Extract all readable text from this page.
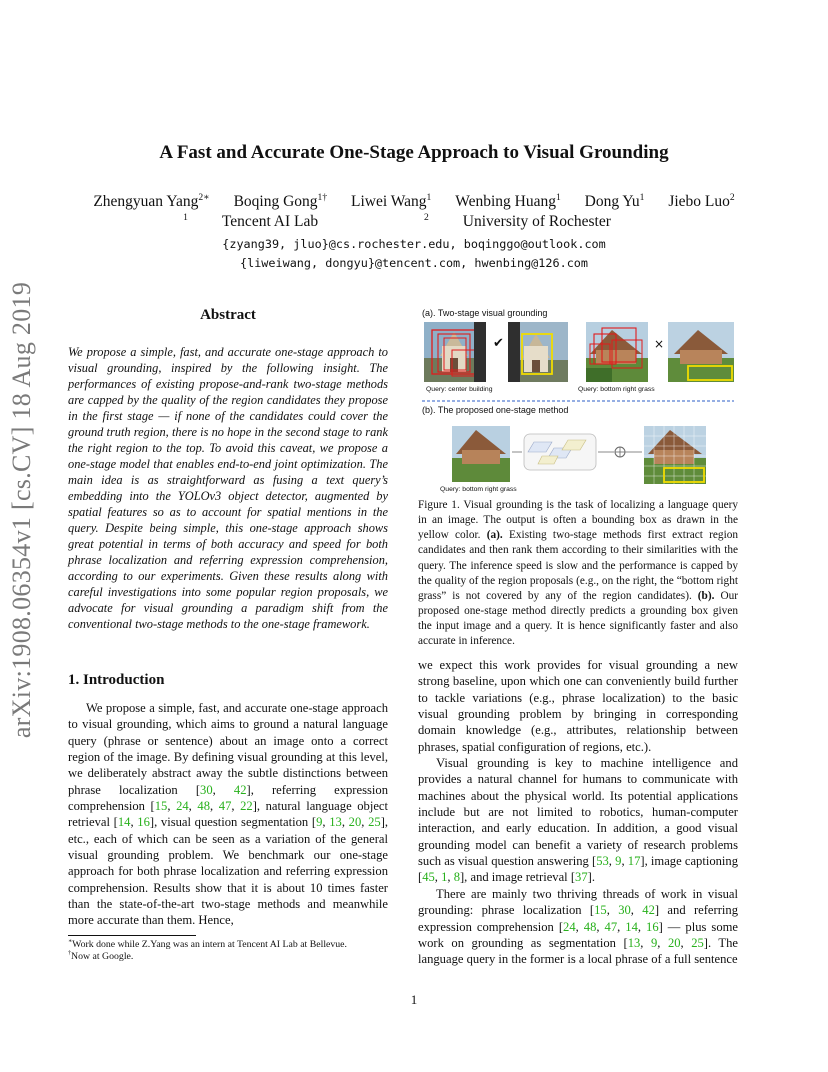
A Fast and Accurate One-Stage Approach to Visual Grounding
Zhengyuan Yang$^{2∗}$ Boqing Gong$^{1\dagger}$ Liwei Wang$^1$ Wenbing Huang$^1$ Dong Yu$^1$ Jiebo Luo$^2$
$^1$ Tencent AI Lab	$^2$ University of Rochester
{zyang39, jluo}@cs.rochester.edu, boqinggo@outlook.com
{liweiwang, dongyu}@tencent.com, hwenbing@126.com
arXiv:1908.06354v1 [cs.CV] 18 Aug 2019	Abstract
We propose a simple, fast, and accurate one-stage approach to visual grounding, inspired by the following insight. The performances of existing propose-and-rank two-stage methods are capped by the quality of the region candidates they propose in the first stage — if none of the candidates could cover the ground truth region, there is no hope in the second stage to rank the right region to the top. To avoid this caveat, we propose a one-stage model that enables end-to-end joint optimization. The main idea is as straightforward as fusing a text query’s embedding into the YOLOv3 object detector, augmented by spatial features so as to account for spatial mentions in the query. Despite being simple, this one-stage approach shows great potential in terms of both accuracy and speed for both phrase localization and referring expression comprehension, according to our experiments. Given these results along with careful investigations into some popular region proposals, we advocate for visual grounding a paradigm shift from the conventional two-stage methods to the one-stage framework.
1. Introduction

We propose a simple, fast, and accurate one-stage approach to visual grounding, which aims to ground a natural language query (phrase or sentence) about an image onto a correct region of the image. By defining visual grounding at this level, we deliberately abstract away the subtle distinctions between phrase localization [30, 42], referring expression comprehension [15, 24, 48, 47, 22], natural language object retrieval [14, 16], visual question segmentation [9, 13, 20, 25], etc., each of which can be seen as a variation of the general visual grounding problem. We benchmark our one-stage approach for both phrase localization and referring expression comprehension. Results show that it is about 10 times faster than the state-of-the-art two-stage methods and meanwhile more accurate than them. Hence,

∗Work done while Z.Yang was an intern at Tencent AI Lab at Bellevue.
†Now at Google.
(a). Two-stage visual grounding
✔	×
Query: center building	Query: bottom right grass
(b). The proposed one-stage method
Query: bottom right grass
Figure 1. Visual grounding is the task of localizing a language query in an image. The output is often a bounding box as drawn in the yellow color. (a). Existing two-stage methods first extract region candidates and then rank them according to their similarities with the query. The inference speed is slow and the performance is capped by the quality of the region proposals (e.g., on the right, the “bottom right grass” is not covered by any of the region candidates). (b). Our proposed one-stage method directly predicts a grounding box given the input image and a query. It is hence significantly faster and also accurate in inference.

we expect this work provides for visual grounding a new strong baseline, upon which one can conveniently build further to tackle variations (e.g., phrase localization) to the basic visual grounding problem by bringing in corresponding domain knowledge (e.g., attributes, relationship between phrases, spatial configuration of regions, etc.).

Visual grounding is key to machine intelligence and provides a natural channel for humans to communicate with machines about the physical world. Its potential applications include but are not limited to robotics, human-computer interaction, and early education. In addition, a good visual grounding model can benefit a variety of research problems such as visual question answering [53, 9, 17], image captioning [45, 1, 8], and image retrieval [37].

There are mainly two thriving threads of work in visual grounding: phrase localization [15, 30, 42] and referring expression comprehension [24, 48, 47, 14, 16] — plus some work on grounding as segmentation [13, 9, 20, 25]. The language query in the former is a local phrase of a full sentence

1
